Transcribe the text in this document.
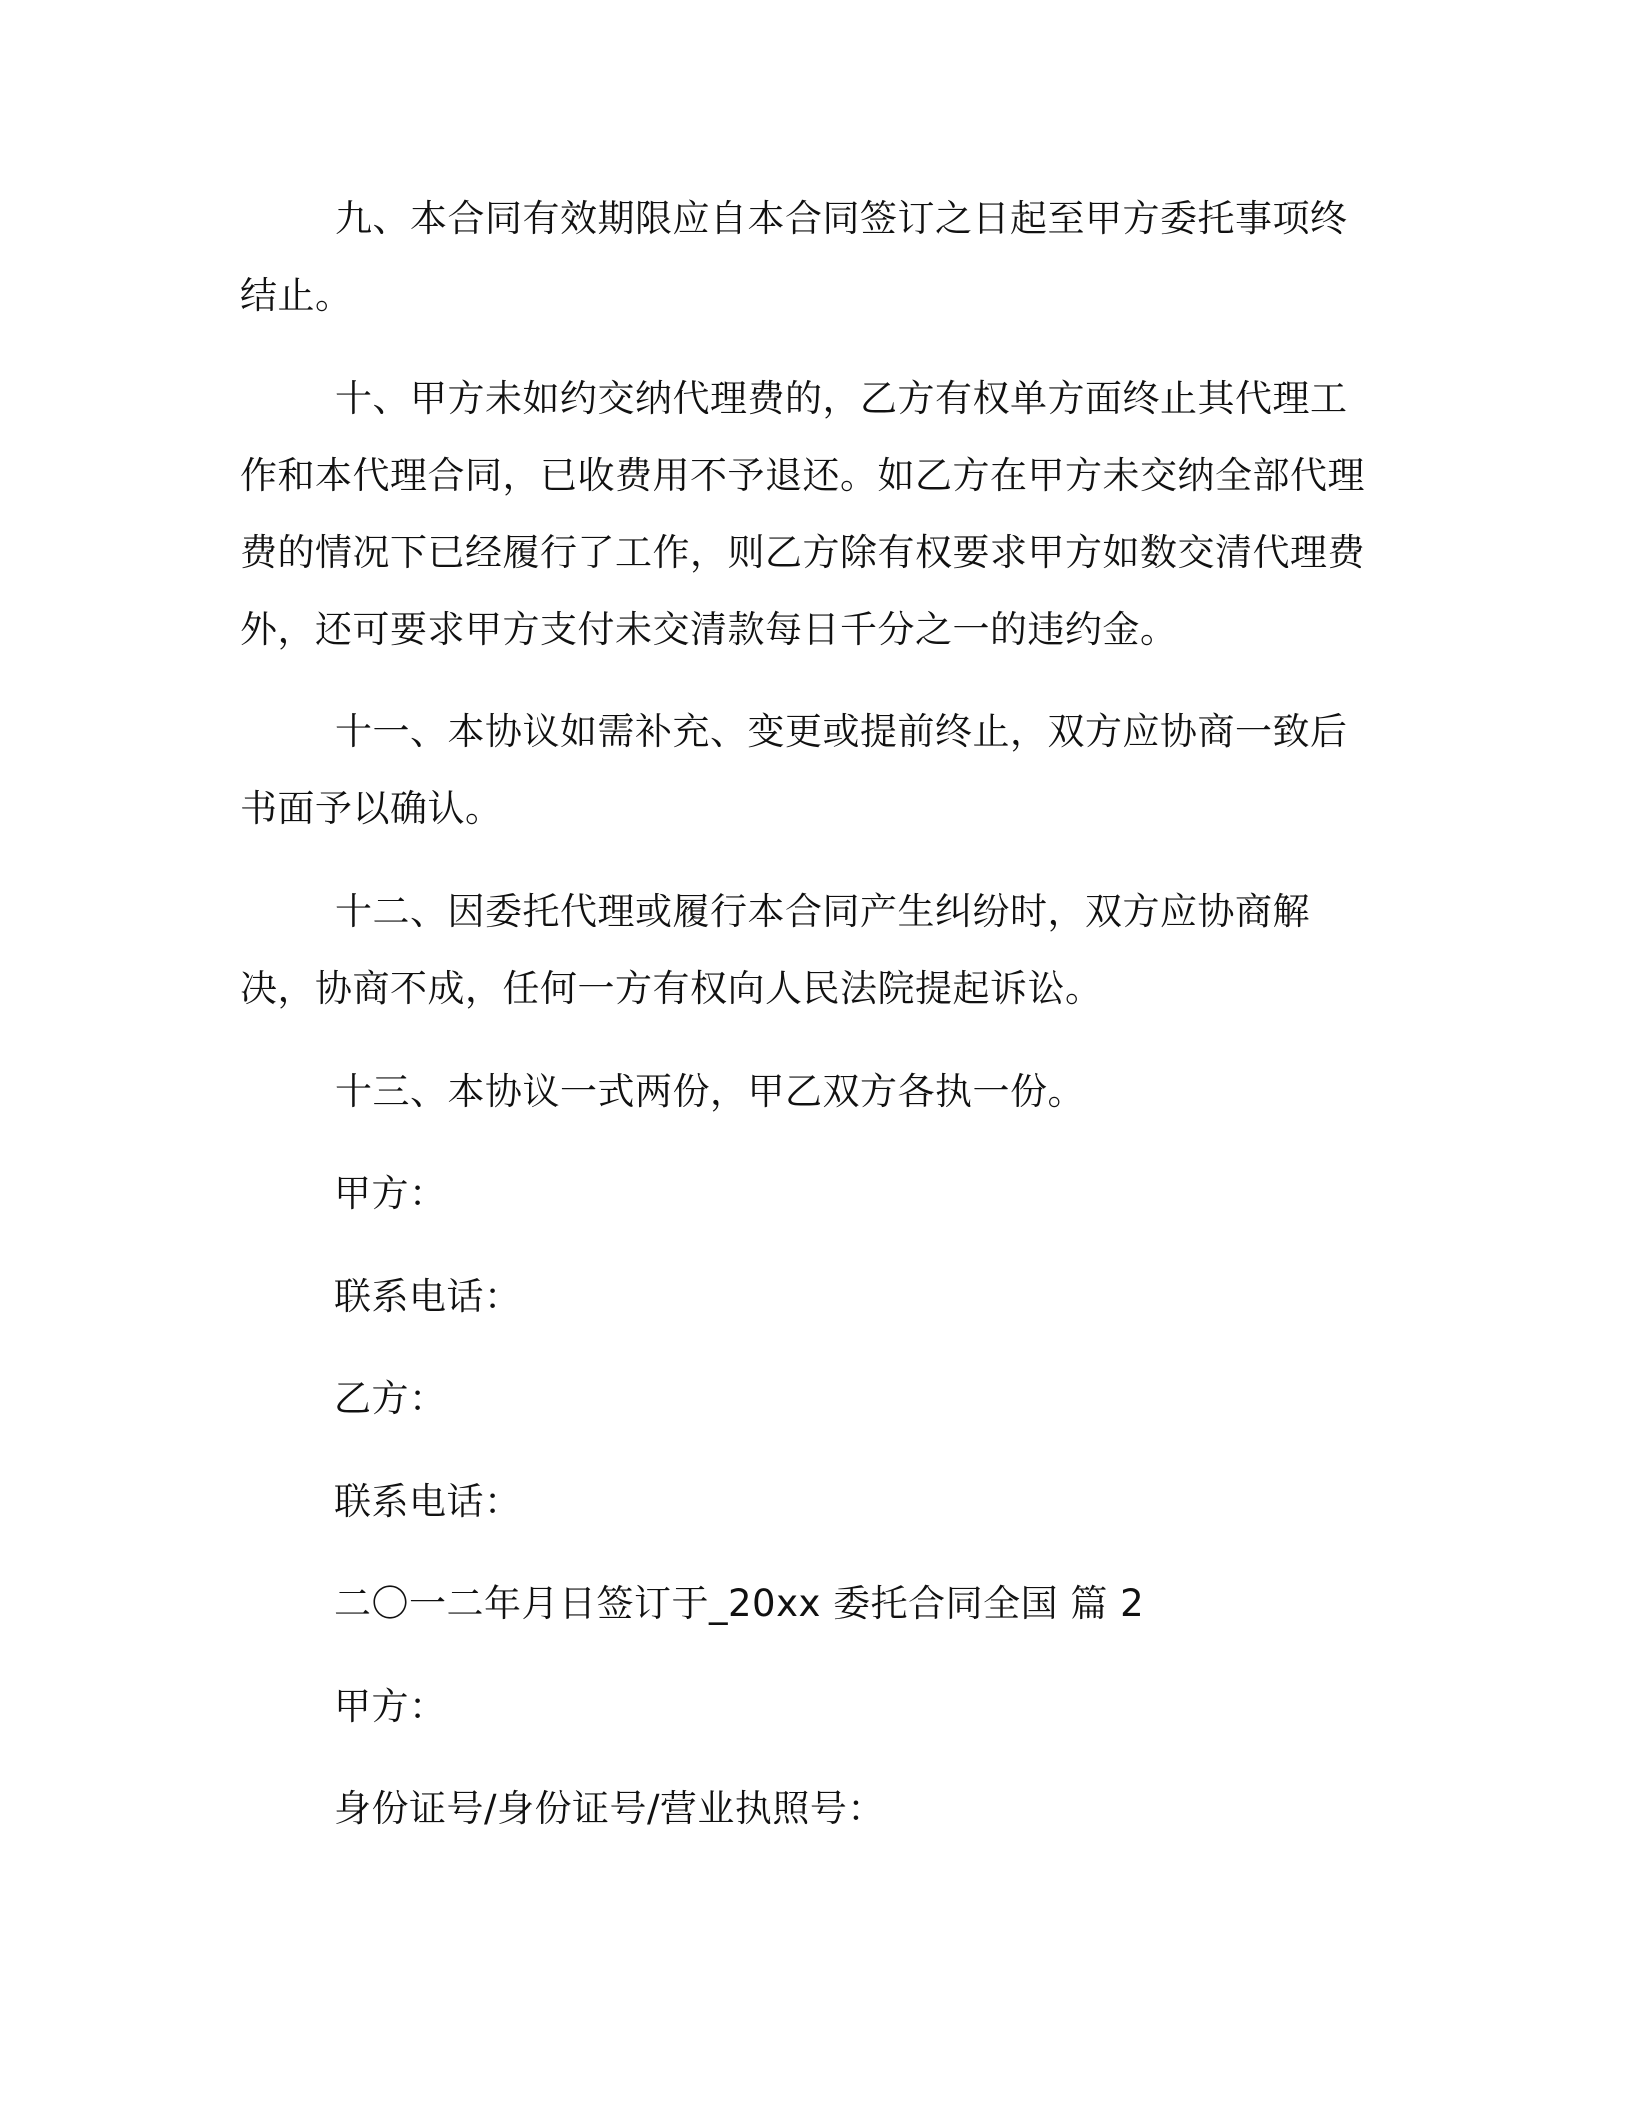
九、本合同有效期限应自本合同签订之日起至甲方委托事项终结止。

十、甲方未如约交纳代理费的，乙方有权单方面终止其代理工作和本代理合同，已收费用不予退还。如乙方在甲方未交纳全部代理费的情况下已经履行了工作，则乙方除有权要求甲方如数交清代理费外，还可要求甲方支付未交清款每日千分之一的违约金。

十一、本协议如需补充、变更或提前终止，双方应协商一致后书面予以确认。

十二、因委托代理或履行本合同产生纠纷时，双方应协商解决，协商不成，任何一方有权向人民法院提起诉讼。

十三、本协议一式两份，甲乙双方各执一份。

甲方：
联系电话：
乙方：
联系电话：
二〇一二年月日签订于_20xx 委托合同全国 篇 2
甲方：
身份证号/身份证号/营业执照号：
